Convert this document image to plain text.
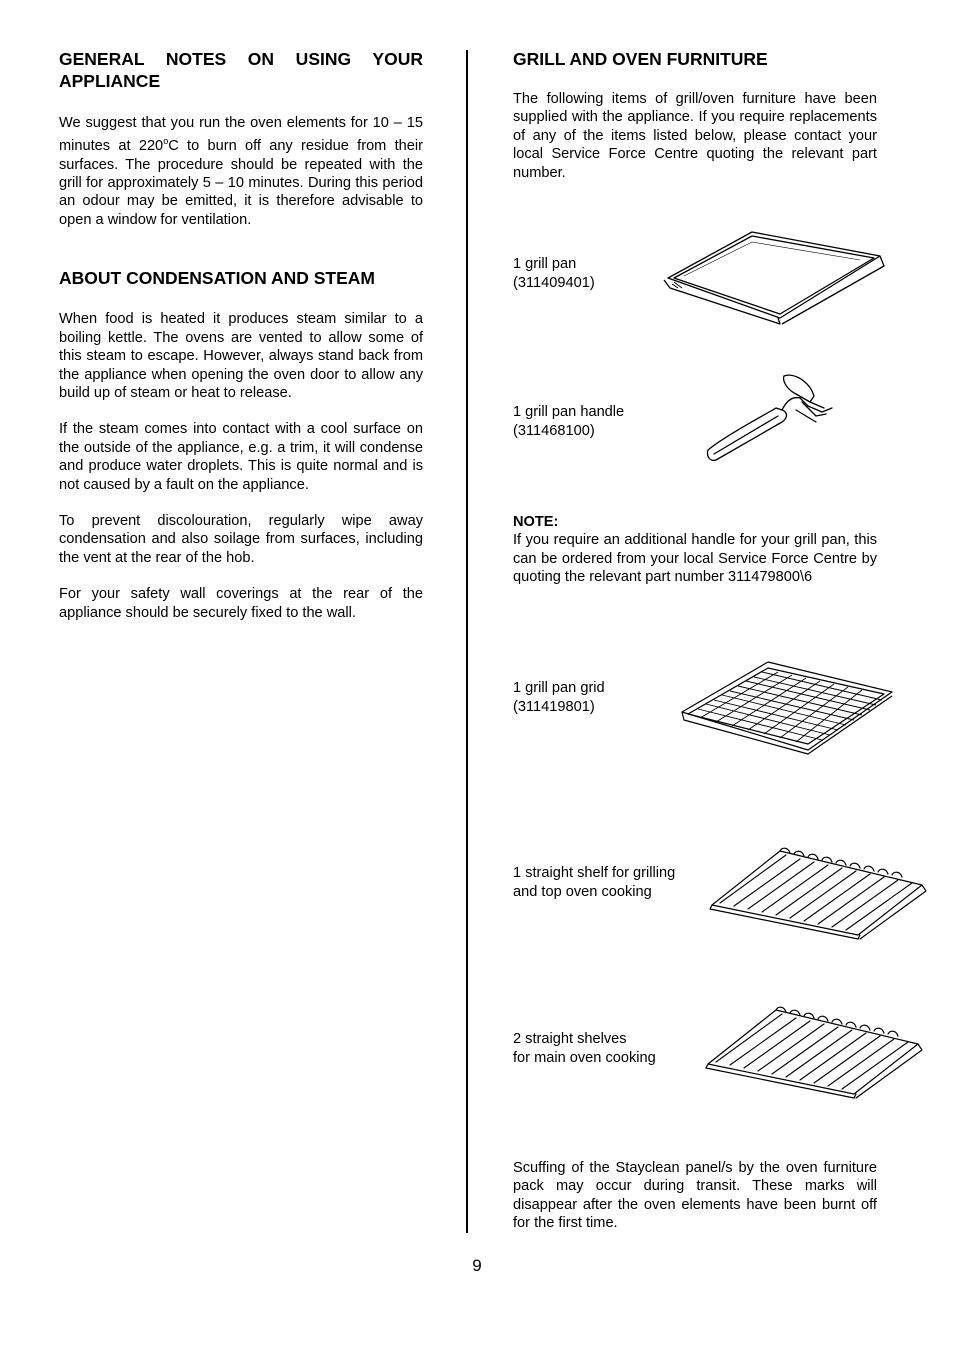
GENERAL NOTES ON USING YOUR APPLIANCE

We suggest that you run the oven elements for 10 – 15 minutes at 220$^o$C to burn off any residue from their surfaces. The procedure should be repeated with the grill for approximately 5 – 10 minutes. During this period an odour may be emitted, it is therefore advisable to open a window for ventilation.

ABOUT CONDENSATION AND STEAM

When food is heated it produces steam similar to a boiling kettle. The ovens are vented to allow some of this steam to escape. However, always stand back from the appliance when opening the oven door to allow any build up of steam or heat to release.

If the steam comes into contact with a cool surface on the outside of the appliance, e.g. a trim, it will condense and produce water droplets. This is quite normal and is not caused by a fault on the appliance.

To prevent discolouration, regularly wipe away condensation and also soilage from surfaces, including the vent at the rear of the hob.

For your safety wall coverings at the rear of the appliance should be securely fixed to the wall.

GRILL AND OVEN FURNITURE

The following items of grill/oven furniture have been supplied with the appliance. If you require replacements of any of the items listed below, please contact your local Service Force Centre quoting the relevant part number.

1 grill pan
(311409401)
1 grill pan handle
(311468100)
NOTE:

If you require an additional handle for your grill pan, this can be ordered from your local Service Force Centre by quoting the relevant part number 311479800\6

1 grill pan grid
(311419801)
1 straight shelf for grilling
and top oven cooking
2 straight shelves
for main oven cooking

Scuffing of the Stayclean panel/s by the oven furniture pack may occur during transit. These marks will disappear after the oven elements have been burnt off for the first time.

9
